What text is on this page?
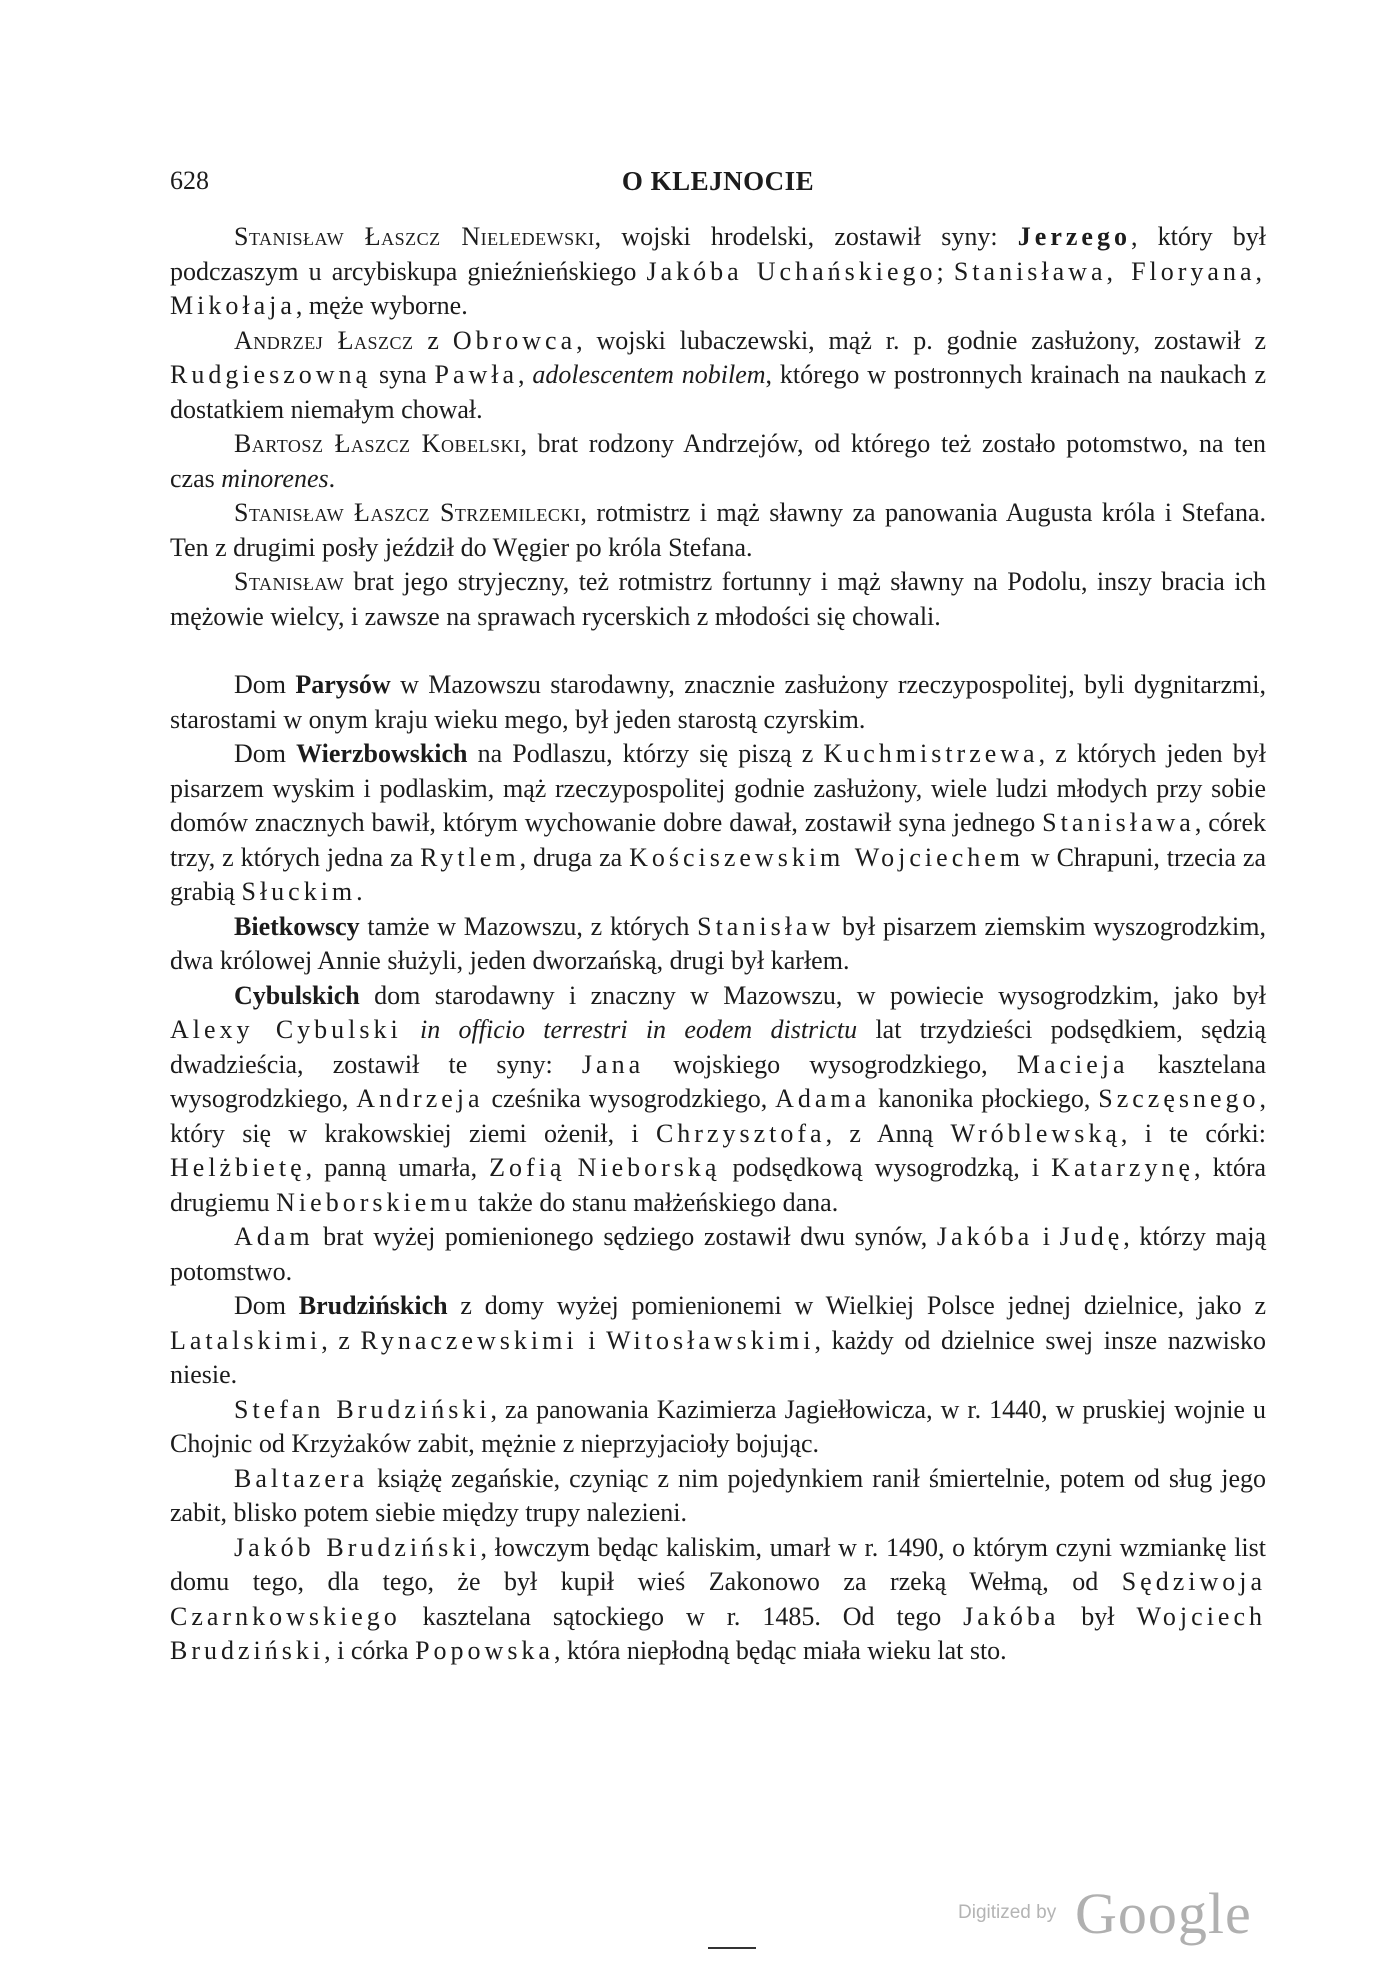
628	O KLEJNOCIE

Stanisław Łaszcz Nieledewski, wojski hrodelski, zostawił syny: Jerzego, który był podczaszym u arcybiskupa gnieźnieńskiego Jakóba Uchańskiego; Stanisława, Floryana, Mikołaja, męże wyborne.

Andrzej Łaszcz z Obrowca, wojski lubaczewski, mąż r. p. godnie zasłużony, zostawił z Rudgieszowną syna Pawła, adolescentem nobilem, którego w postronnych krainach na naukach z dostatkiem niemałym chował.

Bartosz Łaszcz Kobelski, brat rodzony Andrzejów, od którego też zostało potomstwo, na ten czas minorenes.

Stanisław Łaszcz Strzemilecki, rotmistrz i mąż sławny za panowania Augusta króla i Stefana. Ten z drugimi posły jeździł do Węgier po króla Stefana.

Stanisław brat jego stryjeczny, też rotmistrz fortunny i mąż sławny na Podolu, inszy bracia ich mężowie wielcy, i zawsze na sprawach rycerskich z młodości się chowali.

Dom Parysów w Mazowszu starodawny, znacznie zasłużony rzeczypospolitej, byli dygnitarzmi, starostami w onym kraju wieku mego, był jeden starostą czyrskim.

Dom Wierzbowskich na Podlaszu, którzy się piszą z Kuchmistrzewa, z których jeden był pisarzem wyskim i podlaskim, mąż rzeczypospolitej godnie zasłużony, wiele ludzi młodych przy sobie domów znacznych bawił, którym wychowanie dobre dawał, zostawił syna jednego Stanisława, córek trzy, z których jedna za Rytlem, druga za Kościszewskim Wojciechem w Chrapuni, trzecia za grabią Słuckim.

Bietkowscy tamże w Mazowszu, z których Stanisław był pisarzem ziemskim wyszogrodzkim, dwa królowej Annie służyli, jeden dworzańską, drugi był karłem.

Cybulskich dom starodawny i znaczny w Mazowszu, w powiecie wysogrodzkim, jako był Alexy Cybulski in officio terrestri in eodem districtu lat trzydzieści podsędkiem, sędzią dwadzieścia, zostawił te syny: Jana wojskiego wysogrodzkiego, Macieja kasztelana wysogrodzkiego, Andrzeja cześnika wysogrodzkiego, Adama kanonika płockiego, Szczęsnego, który się w krakowskiej ziemi ożenił, i Chrzysztofa, z Anną Wróblewską, i te córki: Helżbietę, panną umarła, Zofią Nieborską podsędkową wysogrodzką, i Katarzynę, która drugiemu Nieborskiemu także do stanu małżeńskiego dana.

Adam brat wyżej pomienionego sędziego zostawił dwu synów, Jakóba i Judę, którzy mają potomstwo.

Dom Brudzińskich z domy wyżej pomienionemi w Wielkiej Polsce jednej dzielnice, jako z Latalskimi, z Rynaczewskimi i Witosławskimi, każdy od dzielnice swej insze nazwisko niesie.

Stefan Brudziński, za panowania Kazimierza Jagiełłowicza, w r. 1440, w pruskiej wojnie u Chojnic od Krzyżaków zabit, mężnie z nieprzyjacioły bojując.

Baltazera książę zegańskie, czyniąc z nim pojedynkiem ranił śmiertelnie, potem od sług jego zabit, blisko potem siebie między trupy nalezieni.

Jakób Brudziński, łowczym będąc kaliskim, umarł w r. 1490, o którym czyni wzmiankę list domu tego, dla tego, że był kupił wieś Zakonowo za rzeką Wełmą, od Sędziwoja Czarnkowskiego kasztelana sątockiego w r. 1485. Od tego Jakóba był Wojciech Brudziński, i córka Popowska, która niepłodną będąc miała wieku lat sto.

Digitized by Google
